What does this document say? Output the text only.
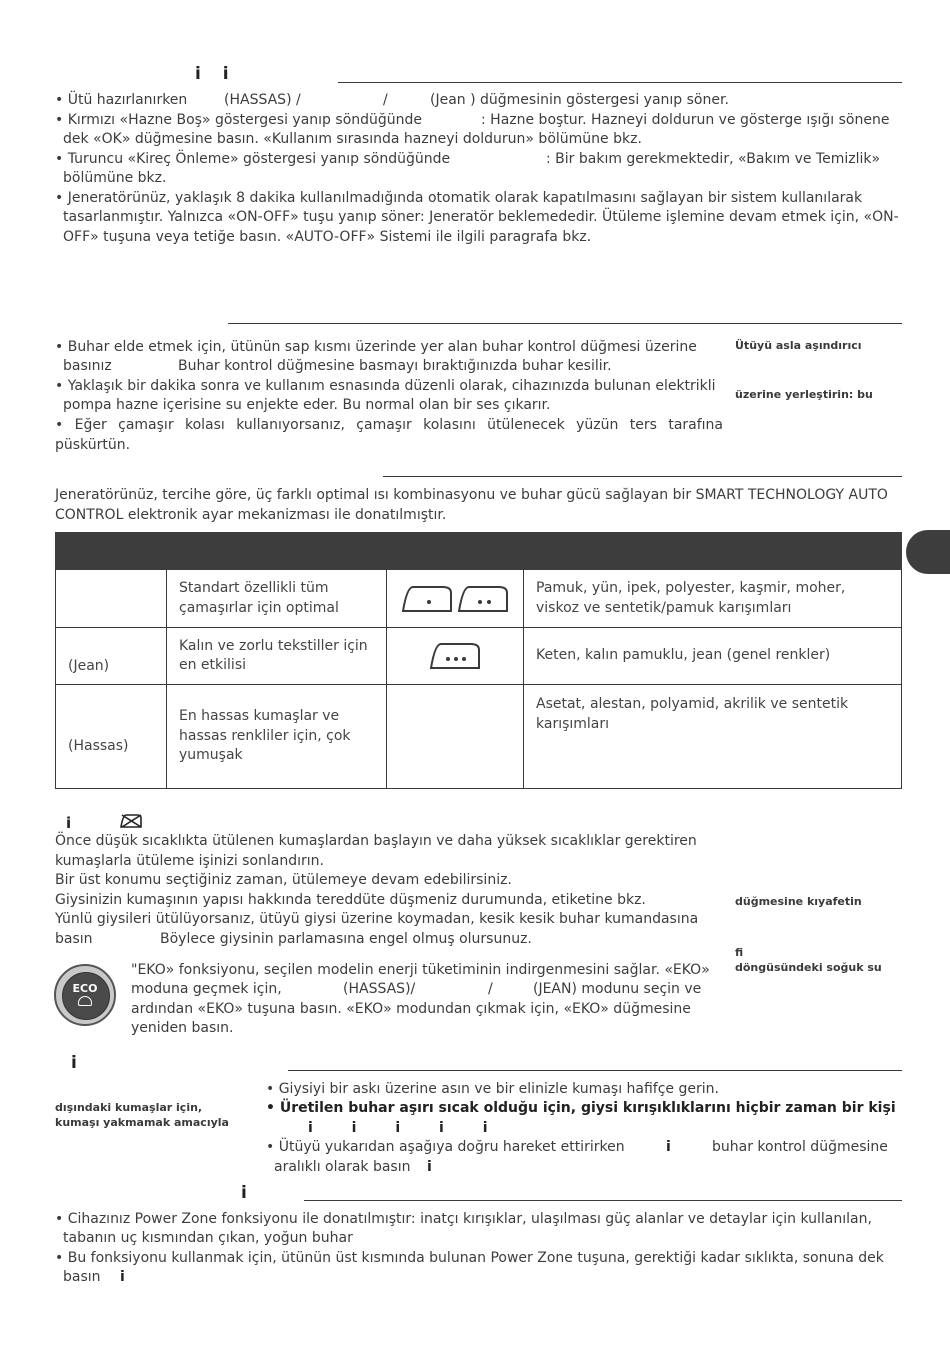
i i
• Ütü hazırlanırken	(HASSAS) /	/	(Jean ) düğmesinin göstergesi yanıp söner.
• Kırmızı «Hazne Boş» göstergesi yanıp söndüğünde	: Hazne boştur. Hazneyi doldurun ve gösterge ışığı sönene
dek «OK» düğmesine basın. «Kullanım sırasında hazneyi doldurun» bölümüne bkz.
• Turuncu «Kireç Önleme» göstergesi yanıp söndüğünde	: Bir bakım gerekmektedir, «Bakım ve Temizlik»
bölümüne bkz.
• Jeneratörünüz, yaklaşık 8 dakika kullanılmadığında otomatik olarak kapatılmasını sağlayan bir sistem kullanılarak
tasarlanmıştır. Yalnızca «ON-OFF» tuşu yanıp söner: Jeneratör beklemededir. Ütüleme işlemine devam etmek için, «ON-
OFF» tuşuna veya tetiğe basın. «AUTO-OFF» Sistemi ile ilgili paragrafa bkz.
• Buhar elde etmek için, ütünün sap kısmı üzerinde yer alan buhar kontrol düğmesi üzerine
basınız	Buhar kontrol düğmesine basmayı bıraktığınızda buhar kesilir.
• Yaklaşık bir dakika sonra ve kullanım esnasında düzenli olarak, cihazınızda bulunan elektrikli
pompa hazne içerisine su enjekte eder. Bu normal olan bir ses çıkarır.
• Eğer çamaşır kolası kullanıyorsanız, çamaşır kolasını ütülenecek yüzün ters tarafına püskürtün.
Ütüyü asla aşındırıcı
üzerine yerleştirin: bu
Jeneratörünüz, tercihe göre, üç farklı optimal ısı kombinasyonu ve buhar gücü sağlayan bir SMART TECHNOLOGY AUTO
CONTROL elektronik ayar mekanizması ile donatılmıştır.

	Standart özellikli tüm
çamaşırlar için optimal		Pamuk, yün, ipek, polyester, kaşmir, moher,
viskoz ve sentetik/pamuk karışımları
(Jean)	Kalın ve zorlu tekstiller için
en etkilisi		Keten, kalın pamuklu, jean (genel renkler)
(Hassas)	En hassas kumaşlar ve
hassas renkliler için, çok
yumuşak		Asetat, alestan, polyamid, akrilik ve sentetik
karışımları
i
Önce düşük sıcaklıkta ütülenen kumaşlardan başlayın ve daha yüksek sıcaklıklar gerektiren
kumaşlarla ütüleme işinizi sonlandırın.
Bir üst konumu seçtiğiniz zaman, ütülemeye devam edebilirsiniz.
Giysinizin kumaşının yapısı hakkında tereddüte düşmeniz durumunda, etiketine bkz.
Yünlü giysileri ütülüyorsanız, ütüyü giysi üzerine koymadan, kesik kesik buhar kumandasına
basın	Böylece giysinin parlamasına engel olmuş olursunuz.
düğmesine kıyafetin
ﬁ
döngüsündeki soğuk su
ECO
"EKO» fonksiyonu, seçilen modelin enerji tüketiminin indirgenmesini sağlar. «EKO»
moduna geçmek için,	(HASSAS)/	/	(JEAN) modunu seçin ve
ardından «EKO» tuşuna basın. «EKO» modundan çıkmak için, «EKO» düğmesine
yeniden basın.
i
dışındaki kumaşlar için,
kumaşı yakmamak amacıyla
• Giysiyi bir askı üzerine asın ve bir elinizle kumaşı hafifçe gerin.
• Üretilen buhar aşırı sıcak olduğu için, giysi kırışıklıklarını hiçbir zaman bir kişi
i i i i i
• Ütüyü yukarıdan aşağıya doğru hareket ettirirken	i	buhar kontrol düğmesine
aralıklı olarak basın i
i
• Cihazınız Power Zone fonksiyonu ile donatılmıştır: inatçı kırışıklar, ulaşılması güç alanlar ve detaylar için kullanılan,
tabanın uç kısmından çıkan, yoğun buhar
• Bu fonksiyonu kullanmak için, ütünün üst kısmında bulunan Power Zone tuşuna, gerektiği kadar sıklıkta, sonuna dek
basın i
